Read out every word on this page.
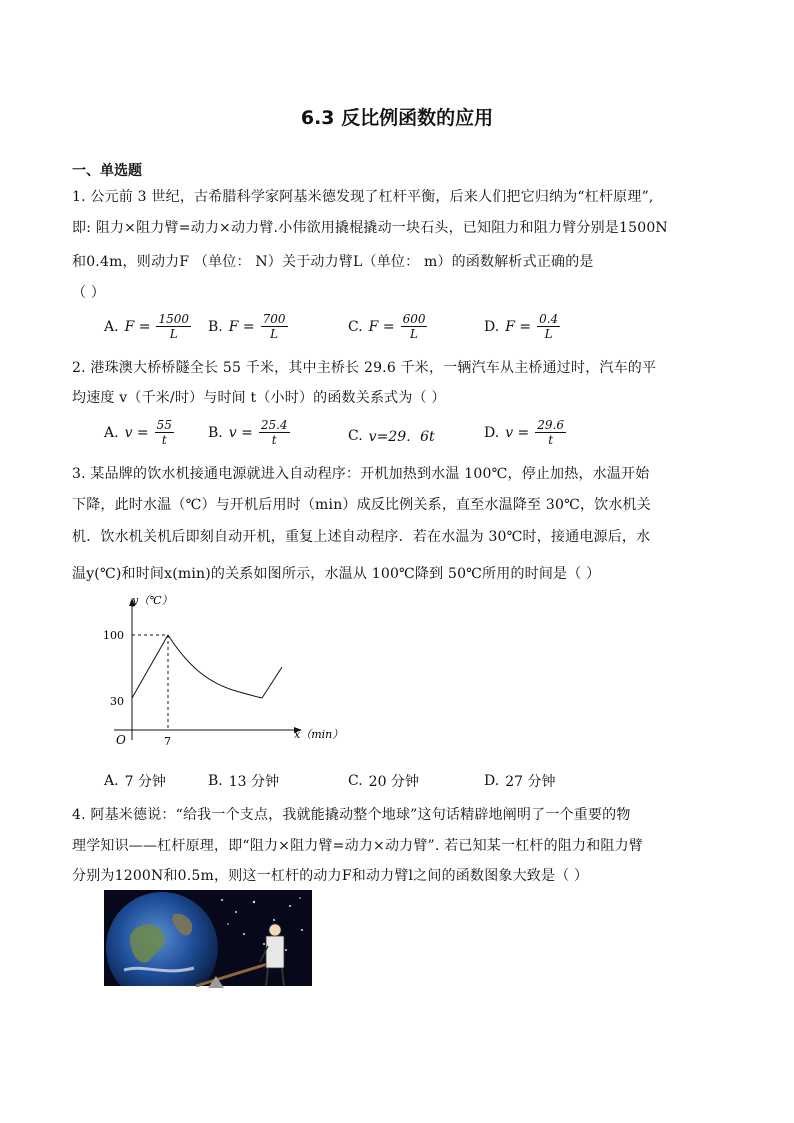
6.3 反比例函数的应用
一、单选题
1. 公元前 3 世纪，古希腊科学家阿基米德发现了杠杆平衡，后来人们把它归纳为“杠杆原理”,
即: 阻力×阻力臂=动力×动力臂.小伟欲用撬棍撬动一块石头，已知阻力和阻力臂分别是1500N
和0.4m，则动力F （单位： N）关于动力臂L（单位： m）的函数解析式正确的是
（ ）
A. $F = \frac{1500}{L} B$. $F = \frac{700}{L}$	C. $F = \frac{600}{L}$	D. $F = \frac{0.4}{L}$
2. 港珠澳大桥桥隧全长 55 千米，其中主桥长 29.6 千米，一辆汽车从主桥通过时，汽车的平
均速度 v（千米/时）与时间 t（小时）的函数关系式为（ ）
A. $v = \frac{55}{t} B$. $v = \frac{25.4}{t}$	C. v=29．6t	D. $v = \frac{29.6}{t}$
3. 某品牌的饮水机接通电源就进入自动程序：开机加热到水温 100℃，停止加热，水温开始
下降，此时水温（℃）与开机后用时（min）成反比例关系，直至水温降至 30℃，饮水机关
机．饮水机关机后即刻自动开机，重复上述自动程序．若在水温为 30℃时，接通电源后，水
温y(℃)和时间x(min)的关系如图所示，水温从 100℃降到 50℃所用的时间是（ ）
y（℃）
x（min）
O
100
30
7
A. 7 分钟	B. 13 分钟	C. 20 分钟	D. 27 分钟
4. 阿基米德说：“给我一个支点，我就能撬动整个地球”这句话精辟地阐明了一个重要的物
理学知识——杠杆原理，即“阻力×阻力臂=动力×动力臂”. 若已知某一杠杆的阻力和阻力臂
分别为1200N和0.5m，则这一杠杆的动力F和动力臂l之间的函数图象大致是（ ）
